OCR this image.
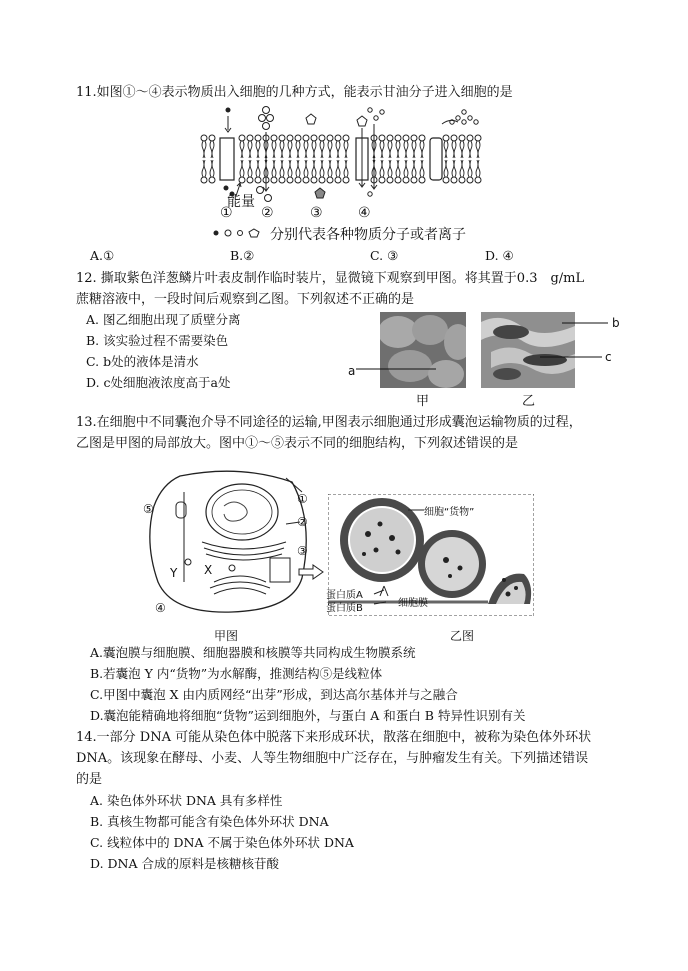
11.如图①～④表示物质出入细胞的几种方式，能表示甘油分子进入细胞的是
能量
① ②	③	④
分别代表各种物质分子或者离子
A.①	B.②	C. ③	D. ④
12. 撕取紫色洋葱鳞片叶表皮制作临时装片，显微镜下观察到甲图。将其置于0.3　g/mL
蔗糖溶液中，一段时间后观察到乙图。下列叙述不正确的是
A. 图乙细胞出现了质壁分离
B. 该实验过程不需要染色
C. b处的液体是清水
D. c处细胞液浓度高于a处
a
b
c
甲	乙
13.在细胞中不同囊泡介导不同途径的运输,甲图表示细胞通过形成囊泡运输物质的过程，
乙图是甲图的局部放大。图中①～⑤表示不同的细胞结构，下列叙述错误的是
①
②
③
④
⑤
Y X
甲图
细胞“货物”
蛋白质A
蛋白质B	细胞膜
乙图
A.囊泡膜与细胞膜、细胞器膜和核膜等共同构成生物膜系统
B.若囊泡 Y 内“货物”为水解酶，推测结构⑤是线粒体
C.甲图中囊泡 X 由内质网经“出芽”形成，到达高尔基体并与之融合
D.囊泡能精确地将细胞“货物”运到细胞外，与蛋白 A 和蛋白 B 特异性识别有关
14.一部分 DNA 可能从染色体中脱落下来形成环状，散落在细胞中，被称为染色体外环状
DNA。该现象在酵母、小麦、人等生物细胞中广泛存在，与肿瘤发生有关。下列描述错误
的是
A. 染色体外环状 DNA 具有多样性
B. 真核生物都可能含有染色体外环状 DNA
C. 线粒体中的 DNA 不属于染色体外环状 DNA
D. DNA 合成的原料是核糖核苷酸
